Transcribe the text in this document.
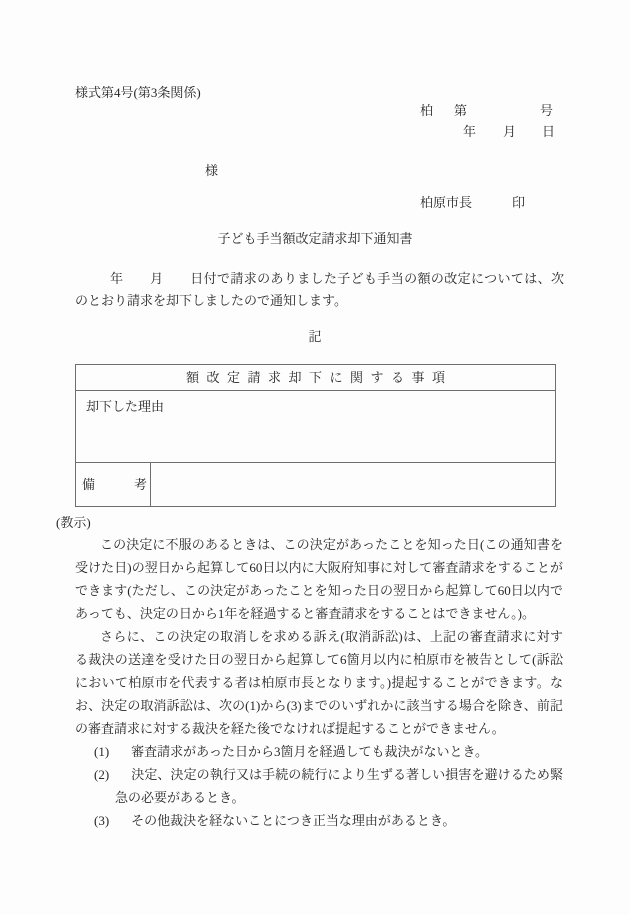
様式第4号(第3条関係)
柏 第	号
年 月 日
様
柏原市長	印
子ども手当額改定請求却下通知書
年　　月　　日付で請求のありました子ども手当の額の改定については、次のとおり請求を却下しましたので通知します。
記
額改定請求却下に関する事項
却下した理由
備	考
(教示)

この決定に不服のあるときは、この決定があったことを知った日(この通知書を受けた日)の翌日から起算して60日以内に大阪府知事に対して審査請求をすることができます(ただし、この決定があったことを知った日の翌日から起算して60日以内であっても、決定の日から1年を経過すると審査請求をすることはできません。)。

さらに、この決定の取消しを求める訴え(取消訴訟)は、上記の審査請求に対する裁決の送達を受けた日の翌日から起算して6箇月以内に柏原市を被告として(訴訟において柏原市を代表する者は柏原市長となります。)提起することができます。なお、決定の取消訴訟は、次の(1)から(3)までのいずれかに該当する場合を除き、前記の審査請求に対する裁決を経た後でなければ提起することができません。

(1) 審査請求があった日から3箇月を経過しても裁決がないとき。
(2) 決定、決定の執行又は手続の続行により生ずる著しい損害を避けるため緊急の必要があるとき。
(3) その他裁決を経ないことにつき正当な理由があるとき。
